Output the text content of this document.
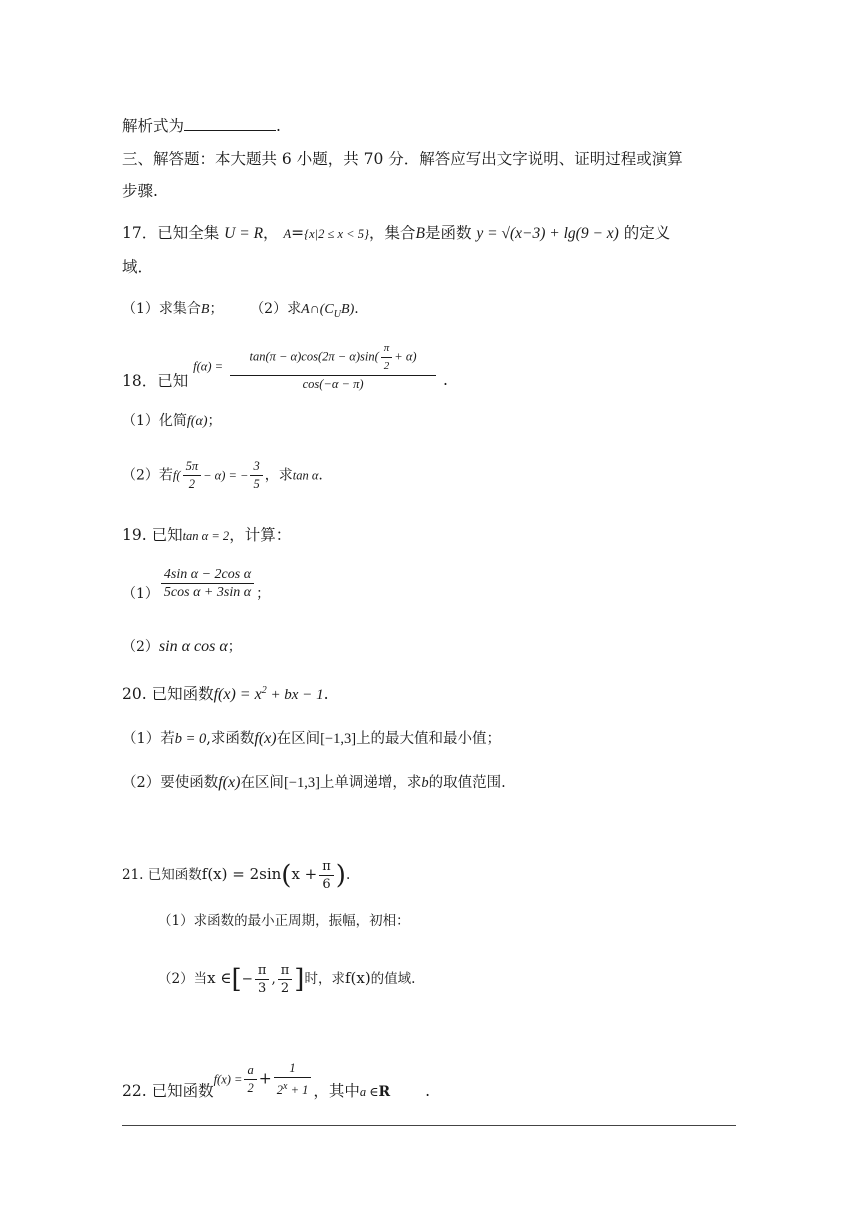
解析式为	.
三、解答题：本大题共 6 小题，共 70 分．解答应写出文字说明、证明过程或演算
步骤.
17．已知全集 U = R， A={x|2 ≤ x < 5}，集合B是函数 y = √(x−3) + lg(9 − x) 的定义
域．
（1）求集合B； （2）求$A\cap(C_UB)$.
18．已知 $f(\alpha) = \frac{\tan(\pi - \alpha)\cos(2\pi - \alpha)\sin( \frac{\pi}{2} + \alpha)}{\cos(-\alpha - \pi)}$ .
（1）化简f(α)；
（2）若$f( \frac{5\pi}{2} - \alpha)$ = − $\frac{3}{5}$ ，求tan α.
19. 已知tan α = 2，计算：
$(1) \frac{\text{4sin α − 2cos α}}{\text{5cos α + 3sin α}}$ ；
（2）sin α cos α；
20. 已知函数$f(x) = x^2$ + bx − 1.
（1）若b = 0,求函数f(x)在区间[−1,3]上的最大值和最小值；
（2）要使函数f(x)在区间[−1,3]上单调递增，求b的取值范围.
21. 已知函数$f(x) = 2\sin(x + \frac{\pi}{6}$ ).
（1）求函数的最小正周期，振幅，初相：
（2）当x ∈[− $\frac{\pi}{3}$ , $\frac{\pi}{2}$ ]时，求f(x)的值域.
22. 已知函数$f(x) = \frac{a}{2} + \frac{1}{2^x + 1}$ ，其中$_{a \in}$R .
